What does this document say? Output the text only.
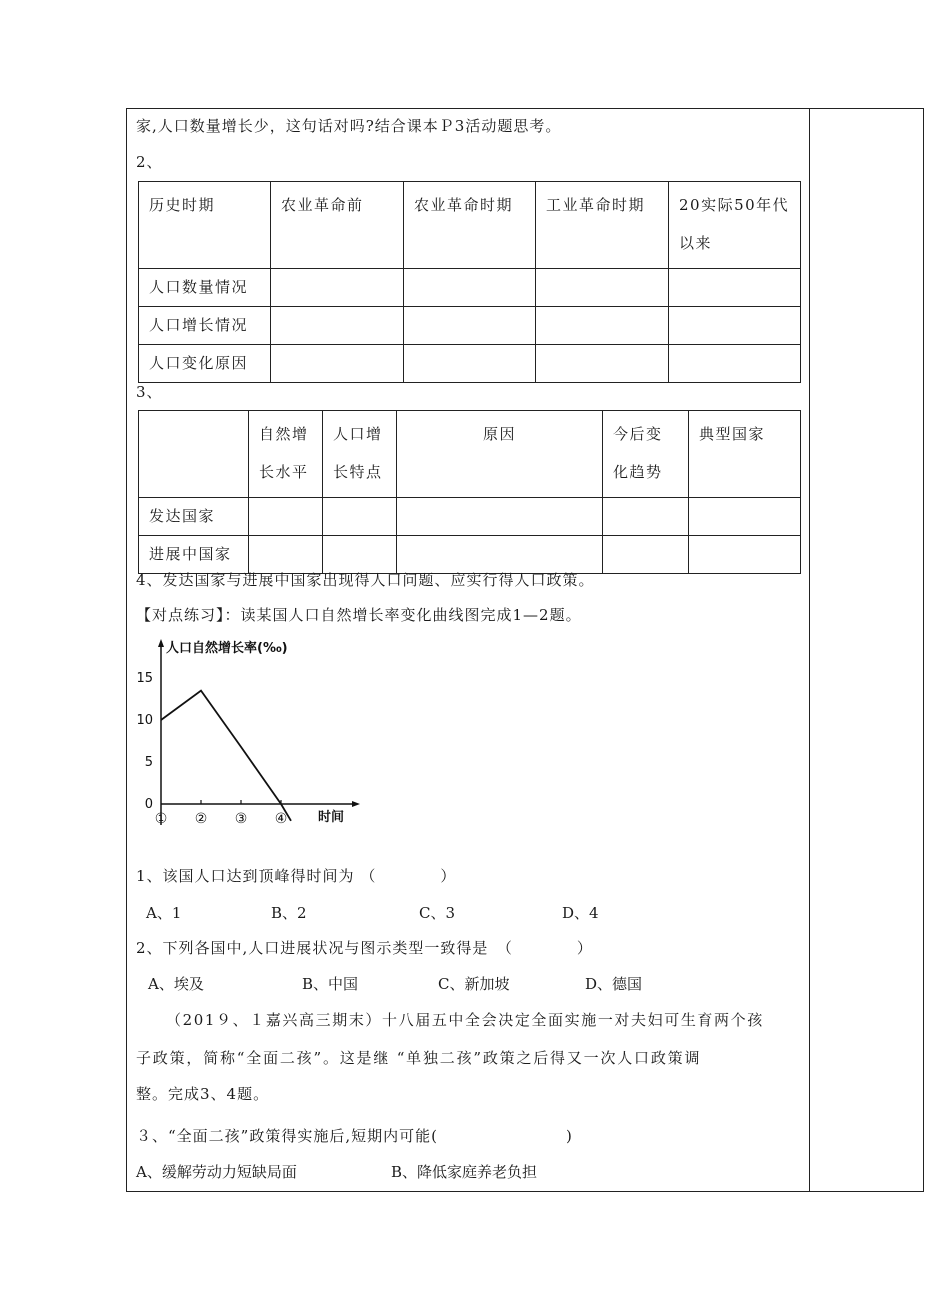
家,人口数量增长少，这句话对吗?结合课本Ｐ3活动题思考。
2、
历史时期	农业革命前	农业革命时期	工业革命时期	20实际50年代以来
人口数量情况				
人口增长情况				
人口变化原因				
3、
	自然增长水平	人口增长特点	原因	今后变化趋势	典型国家
发达国家					
进展中国家					
4、发达国家与进展中国家出现得人口问题、应实行得人口政策。
【对点练习】：读某国人口自然增长率变化曲线图完成1—2题。
人口自然增长率(‰)
时间
0
5
10
15
① ② ③ ④
1、该国人口达到顶峰得时间为 （　　　　）
A、1	B、2	C、3	D、4
2、下列各国中,人口进展状况与图示类型一致得是　（　　　　）
A、埃及	B、中国	C、新加坡	D、德国
（201９、１嘉兴高三期末）十八届五中全会决定全面实施一对夫妇可生育两个孩
子政策，简称“全面二孩”。这是继 “单独二孩”政策之后得又一次人口政策调
整。完成3、4题。
３、“全面二孩”政策得实施后,短期内可能(　　　　　　　　)
A、缓解劳动力短缺局面	B、降低家庭养老负担
